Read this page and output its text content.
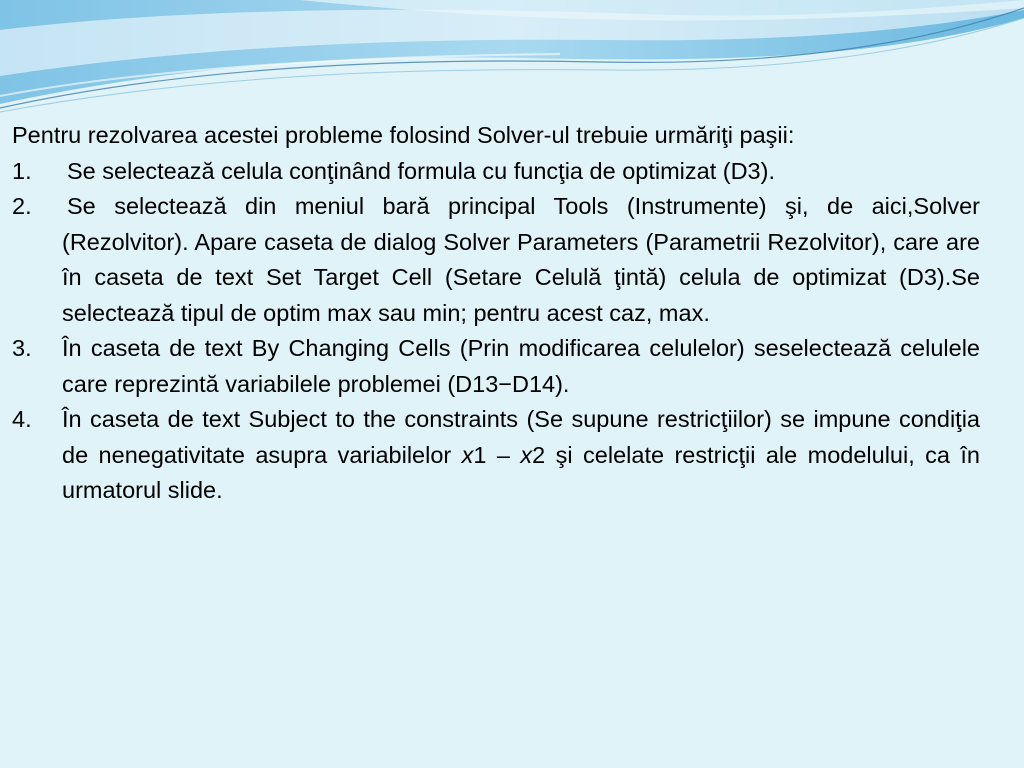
Pentru rezolvarea acestei probleme folosind Solver-ul trebuie urmăriţi paşii:

1. Se selectează celula conţinând formula cu funcţia de optimizat (D3).
2. Se selectează din meniul bară principal Tools (Instrumente) şi, de aici,Solver (Rezolvitor). Apare caseta de dialog Solver Parameters (Parametrii Rezolvitor), care are în caseta de text Set Target Cell (Setare Celulă ţintă) celula de optimizat (D3).Se selectează tipul de optim max sau min; pentru acest caz, max.
3. În caseta de text By Changing Cells (Prin modificarea celulelor) seselectează celulele care reprezintă variabilele problemei (D13−D14).
4. În caseta de text Subject to the constraints (Se supune restricţiilor) se impune condiţia de nenegativitate asupra variabilelor x1 – x2 şi celelate restricţii ale modelului, ca în urmatorul slide.
